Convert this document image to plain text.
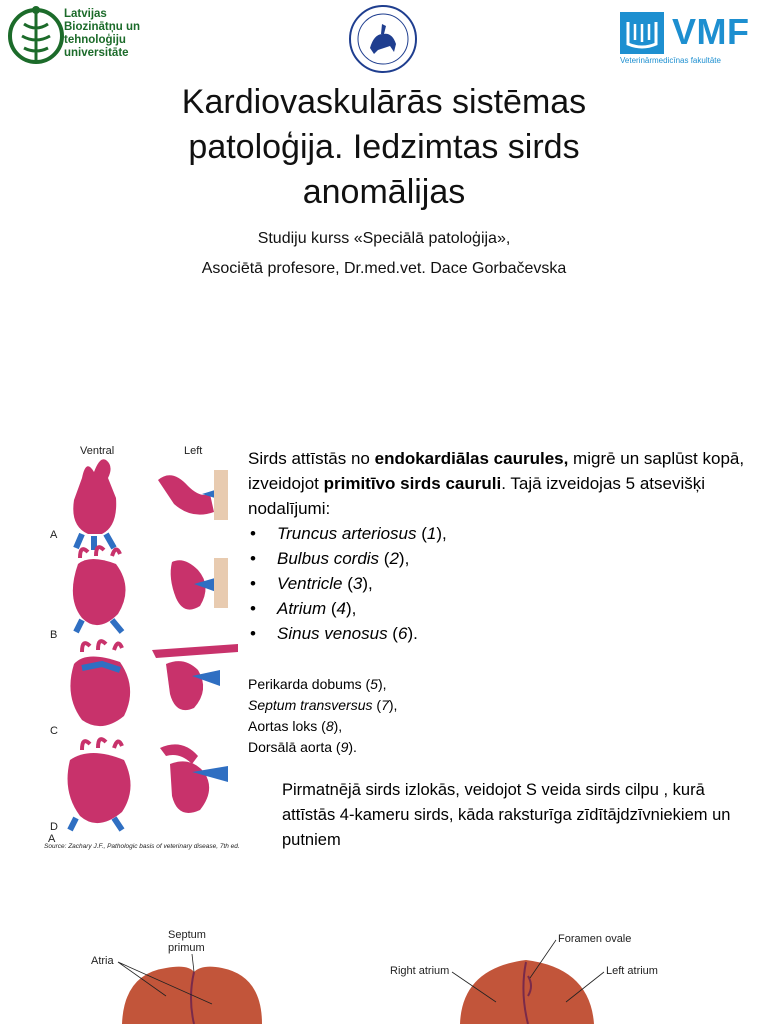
Latvijas
Biozinātņu un
tehnoloģiju
universitāte
VMF
Veterinārmedicīnas fakultāte
Kardiovaskulārās sistēmas
patoloģija. Iedzimtas sirds
anomālijas
Studiju kurss «Speciālā patoloģija»,
Asociētā profesore, Dr.med.vet. Dace Gorbačevska
Ventral	Left
A
B
C
D
A
Source: Zachary J.F., Pathologic basis of veterinary disease, 7th ed.
Sirds attīstās no endokardiālas caurules, migrē un saplūst kopā, izveidojot primitīvo sirds cauruli. Tajā izveidojas 5 atsevišķi nodalījumi:
• Truncus arteriosus (1),
• Bulbus cordis (2),
• Ventricle (3),
• Atrium (4),
• Sinus venosus (6).
Perikarda dobums (5),
Septum transversus (7),
Aortas loks (8),
Dorsālā aorta (9).
Pirmatnējā sirds izlokās, veidojot S veida sirds cilpu , kurā attīstās 4-kameru sirds, kāda raksturīga zīdītājdzīvniekiem un putniem
Septum
primum
Atria
Foramen ovale
Right atrium	Left atrium
